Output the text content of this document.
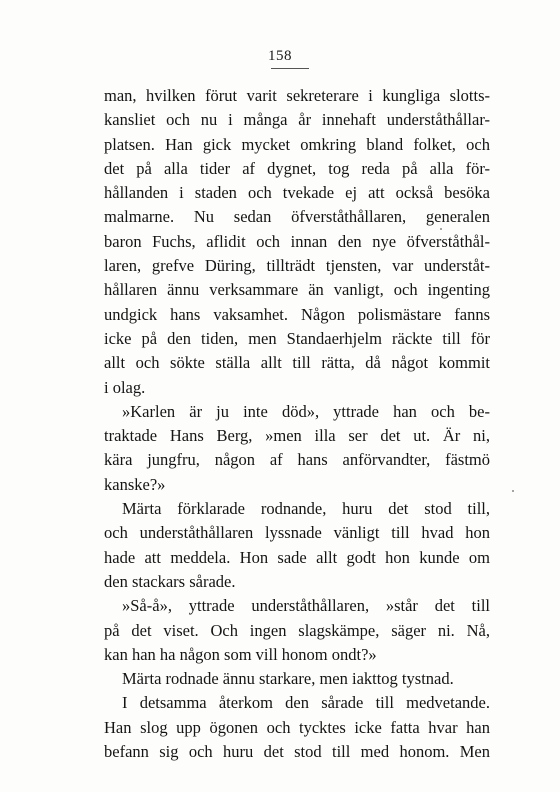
158
man, hvilken förut varit sekreterare i kungliga slotts-
kansliet och nu i många år innehaft underståthållar-
platsen. Han gick mycket omkring bland folket, och
det på alla tider af dygnet, tog reda på alla för-
hållanden i staden och tvekade ej att också besöka
malmarne. Nu sedan öfverståthållaren, generalen
baron Fuchs, aflidit och innan den nye öfverståthål-
laren, grefve Düring, tillträdt tjensten, var underståt-
hållaren ännu verksammare än vanligt, och ingenting
undgick hans vaksamhet. Någon polismästare fanns
icke på den tiden, men Standaerhjelm räckte till för
allt och sökte ställa allt till rätta, då något kommit
i olag.
»Karlen är ju inte död», yttrade han och be-
traktade Hans Berg, »men illa ser det ut. Är ni,
kära jungfru, någon af hans anförvandter, fästmö
kanske?»
Märta förklarade rodnande, huru det stod till,
och underståthållaren lyssnade vänligt till hvad hon
hade att meddela. Hon sade allt godt hon kunde om
den stackars sårade.
»Så-å», yttrade underståthållaren, »står det till
på det viset. Och ingen slagskämpe, säger ni. Nå,
kan han ha någon som vill honom ondt?»
Märta rodnade ännu starkare, men iakttog tystnad.
I detsamma återkom den sårade till medvetande.
Han slog upp ögonen och tycktes icke fatta hvar han
befann sig och huru det stod till med honom. Men
